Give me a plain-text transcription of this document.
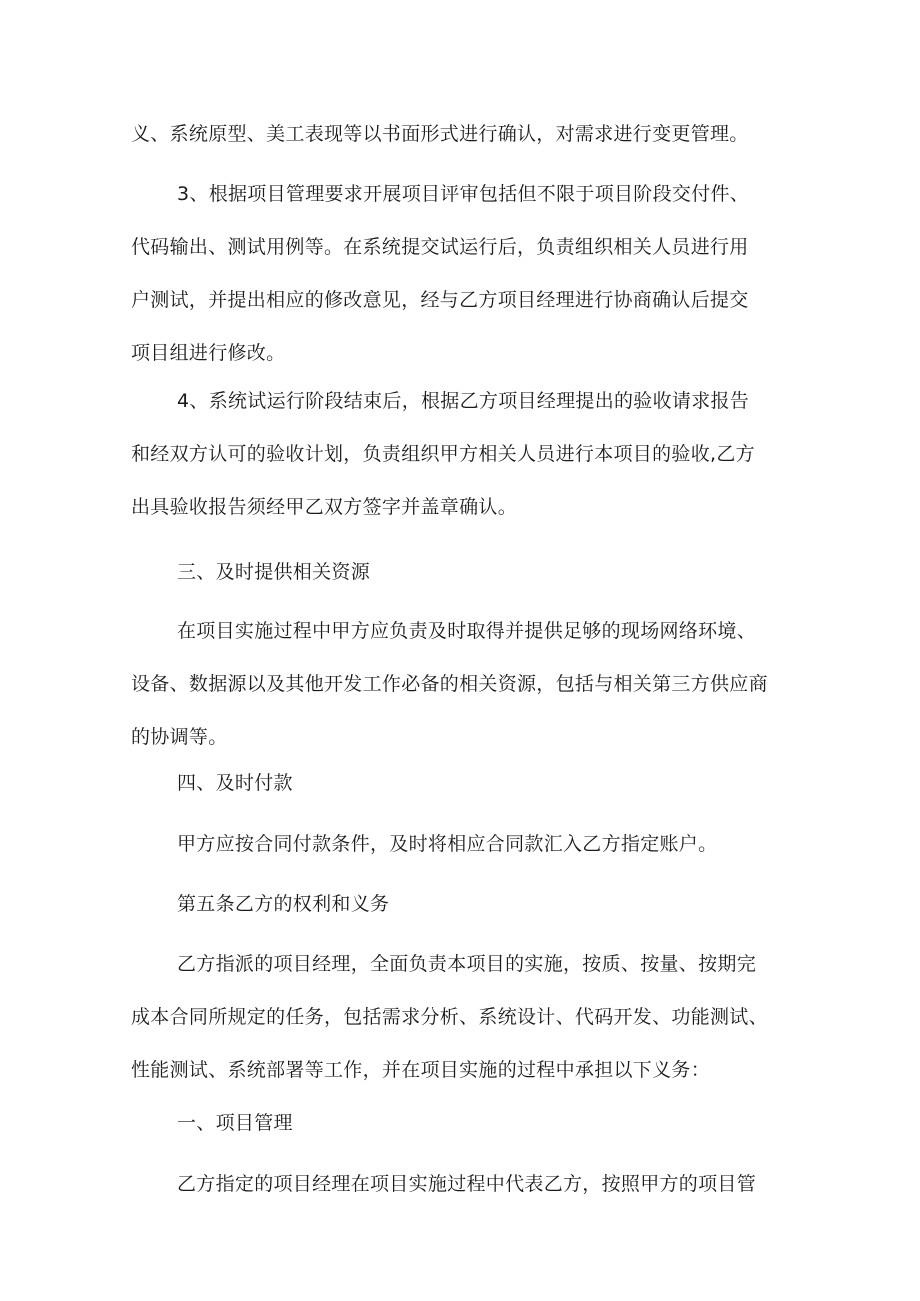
义、系统原型、美工表现等以书面形式进行确认，对需求进行变更管理。

3、根据项目管理要求开展项目评审包括但不限于项目阶段交付件、
代码输出、测试用例等。在系统提交试运行后，负责组织相关人员进行用
户测试，并提出相应的修改意见，经与乙方项目经理进行协商确认后提交
项目组进行修改。

4、系统试运行阶段结束后，根据乙方项目经理提出的验收请求报告
和经双方认可的验收计划，负责组织甲方相关人员进行本项目的验收,乙方
出具验收报告须经甲乙双方签字并盖章确认。

三、及时提供相关资源

在项目实施过程中甲方应负责及时取得并提供足够的现场网络环境、
设备、数据源以及其他开发工作必备的相关资源，包括与相关第三方供应商
的协调等。

四、及时付款

甲方应按合同付款条件，及时将相应合同款汇入乙方指定账户。

第五条乙方的权利和义务

乙方指派的项目经理，全面负责本项目的实施，按质、按量、按期完
成本合同所规定的任务，包括需求分析、系统设计、代码开发、功能测试、
性能测试、系统部署等工作，并在项目实施的过程中承担以下义务：

一、项目管理

乙方指定的项目经理在项目实施过程中代表乙方，按照甲方的项目管
